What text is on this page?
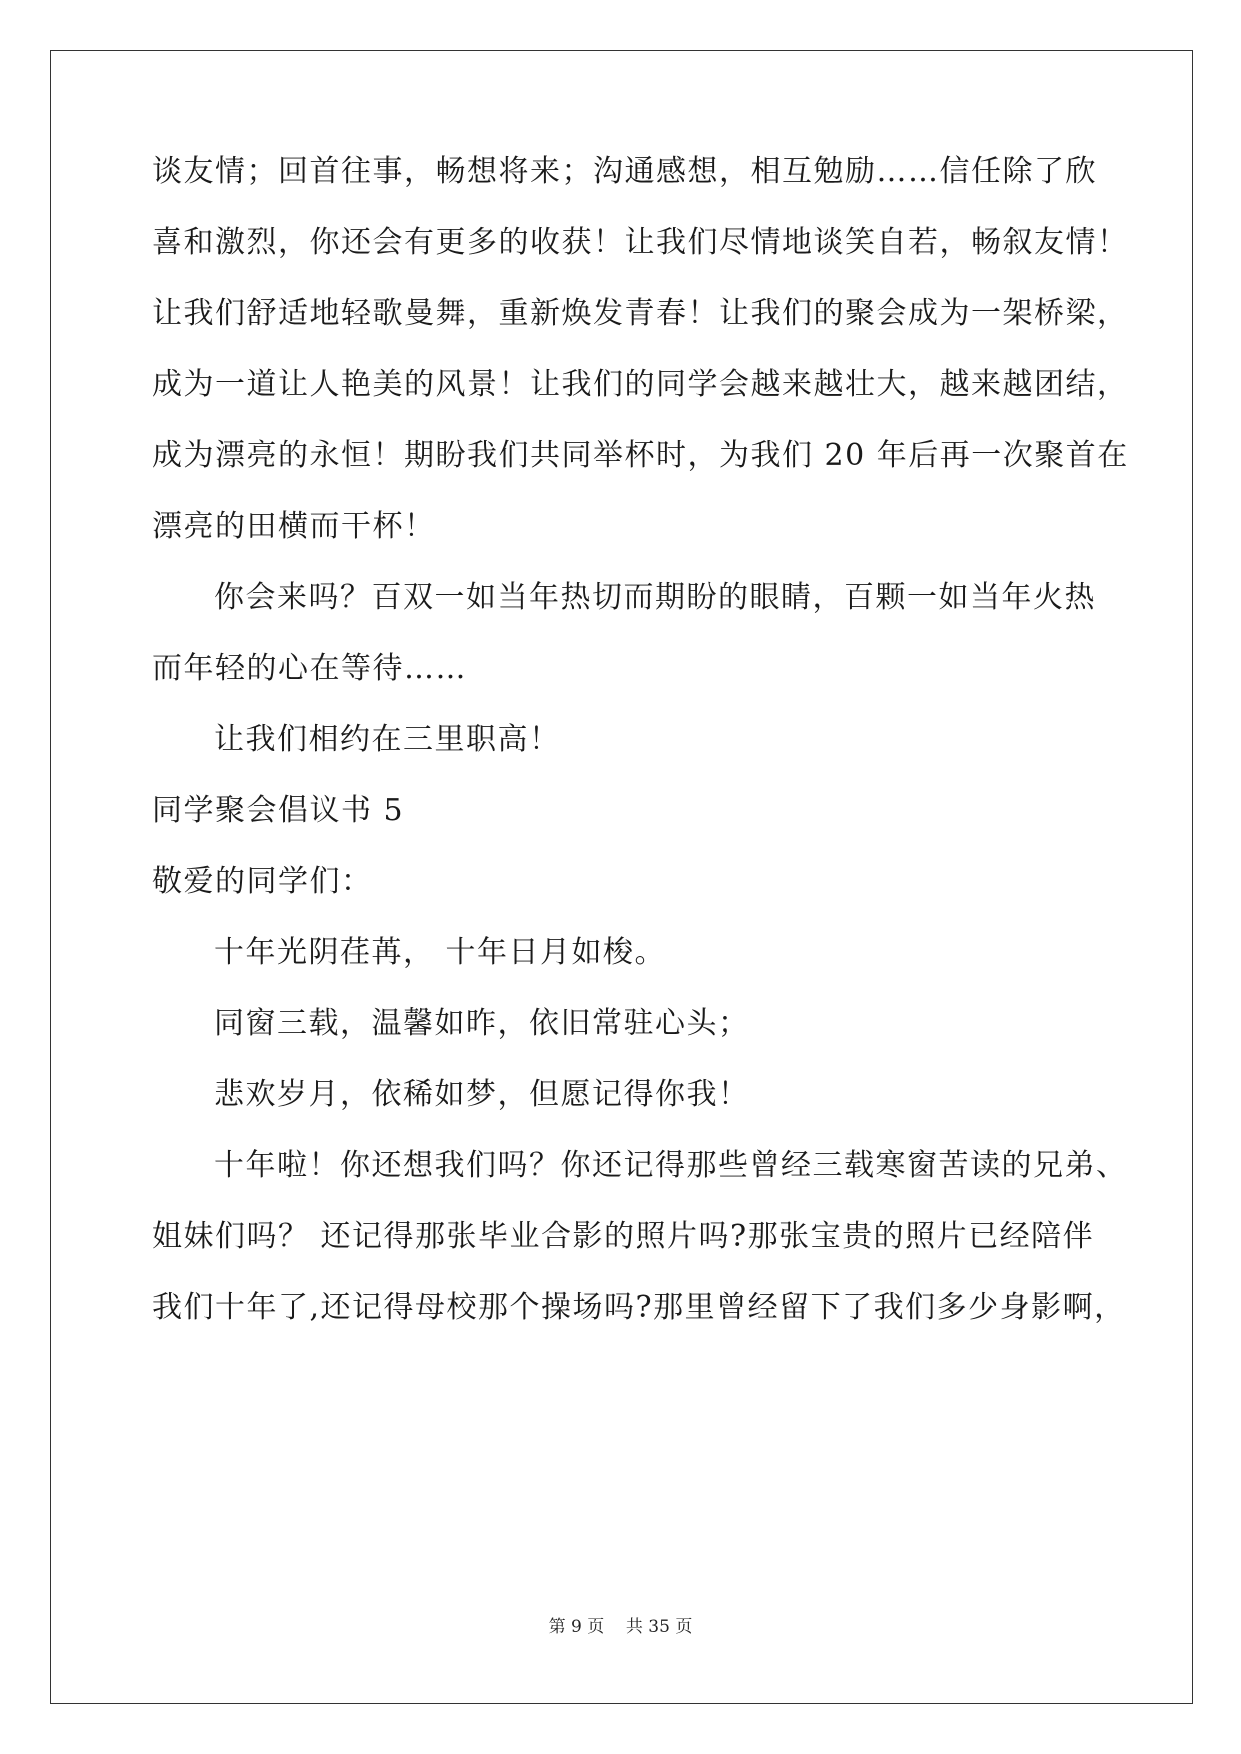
谈友情；回首往事，畅想将来；沟通感想，相互勉励……信任除了欣
喜和激烈，你还会有更多的收获！让我们尽情地谈笑自若，畅叙友情！
让我们舒适地轻歌曼舞，重新焕发青春！让我们的聚会成为一架桥梁，
成为一道让人艳美的风景！让我们的同学会越来越壮大，越来越团结，
成为漂亮的永恒！期盼我们共同举杯时，为我们 20 年后再一次聚首在
漂亮的田横而干杯！
你会来吗？百双一如当年热切而期盼的眼睛，百颗一如当年火热
而年轻的心在等待……
让我们相约在三里职高！
同学聚会倡议书 5
敬爱的同学们：
十年光阴荏苒， 十年日月如梭。
同窗三载，温馨如昨，依旧常驻心头；
悲欢岁月，依稀如梦，但愿记得你我！
十年啦！你还想我们吗？你还记得那些曾经三载寒窗苦读的兄弟、
姐妹们吗？ 还记得那张毕业合影的照片吗?那张宝贵的照片已经陪伴
我们十年了,还记得母校那个操场吗?那里曾经留下了我们多少身影啊，
第 9 页 共 35 页
